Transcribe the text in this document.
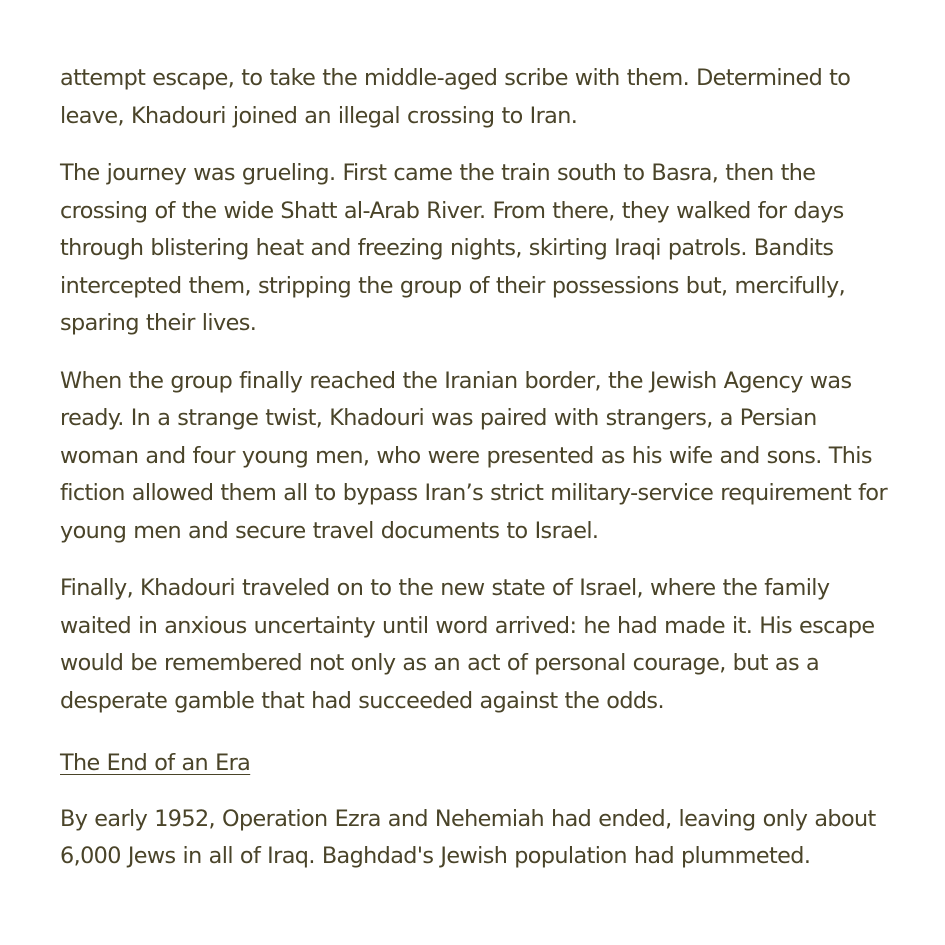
attempt escape, to take the middle-aged scribe with them. Determined to leave, Khadouri joined an illegal crossing to Iran.

The journey was grueling. First came the train south to Basra, then the crossing of the wide Shatt al-Arab River. From there, they walked for days through blistering heat and freezing nights, skirting Iraqi patrols. Bandits intercepted them, stripping the group of their possessions but, mercifully, sparing their lives.

When the group finally reached the Iranian border, the Jewish Agency was ready. In a strange twist, Khadouri was paired with strangers, a Persian woman and four young men, who were presented as his wife and sons. This fiction allowed them all to bypass Iran’s strict military-service requirement for young men and secure travel documents to Israel.

Finally, Khadouri traveled on to the new state of Israel, where the family waited in anxious uncertainty until word arrived: he had made it. His escape would be remembered not only as an act of personal courage, but as a desperate gamble that had succeeded against the odds.

The End of an Era

By early 1952, Operation Ezra and Nehemiah had ended, leaving only about 6,000 Jews in all of Iraq. Baghdad's Jewish population had plummeted.
